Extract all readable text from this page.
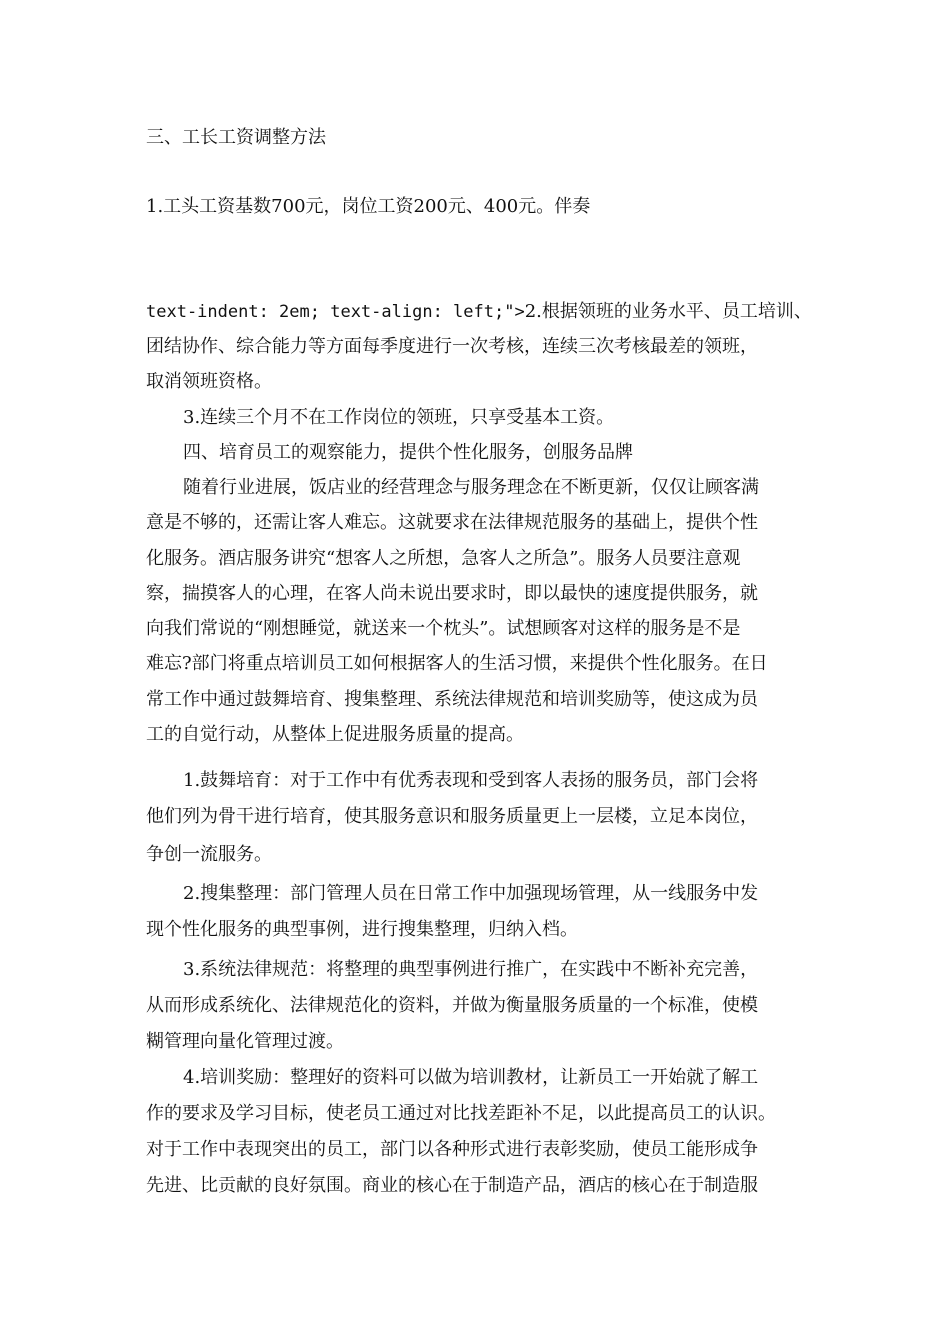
三、工长工资调整方法
1.工头工资基数700元，岗位工资200元、400元。伴奏
text-indent: 2em; text-align: left;">2.根据领班的业务水平、员工培训、
团结协作、综合能力等方面每季度进行一次考核，连续三次考核最差的领班，
取消领班资格。
3.连续三个月不在工作岗位的领班，只享受基本工资。
四、培育员工的观察能力，提供个性化服务，创服务品牌
随着行业进展，饭店业的经营理念与服务理念在不断更新，仅仅让顾客满
意是不够的，还需让客人难忘。这就要求在法律规范服务的基础上，提供个性
化服务。酒店服务讲究“想客人之所想，急客人之所急”。服务人员要注意观
察，揣摸客人的心理，在客人尚未说出要求时，即以最快的速度提供服务，就
向我们常说的“刚想睡觉，就送来一个枕头”。试想顾客对这样的服务是不是
难忘?部门将重点培训员工如何根据客人的生活习惯，来提供个性化服务。在日
常工作中通过鼓舞培育、搜集整理、系统法律规范和培训奖励等，使这成为员
工的自觉行动，从整体上促进服务质量的提高。
1.鼓舞培育：对于工作中有优秀表现和受到客人表扬的服务员，部门会将
他们列为骨干进行培育，使其服务意识和服务质量更上一层楼，立足本岗位，
争创一流服务。
2.搜集整理：部门管理人员在日常工作中加强现场管理，从一线服务中发
现个性化服务的典型事例，进行搜集整理，归纳入档。
3.系统法律规范：将整理的典型事例进行推广，在实践中不断补充完善，
从而形成系统化、法律规范化的资料，并做为衡量服务质量的一个标准，使模
糊管理向量化管理过渡。
4.培训奖励：整理好的资料可以做为培训教材，让新员工一开始就了解工
作的要求及学习目标，使老员工通过对比找差距补不足，以此提高员工的认识。
对于工作中表现突出的员工，部门以各种形式进行表彰奖励，使员工能形成争
先进、比贡献的良好氛围。商业的核心在于制造产品，酒店的核心在于制造服
